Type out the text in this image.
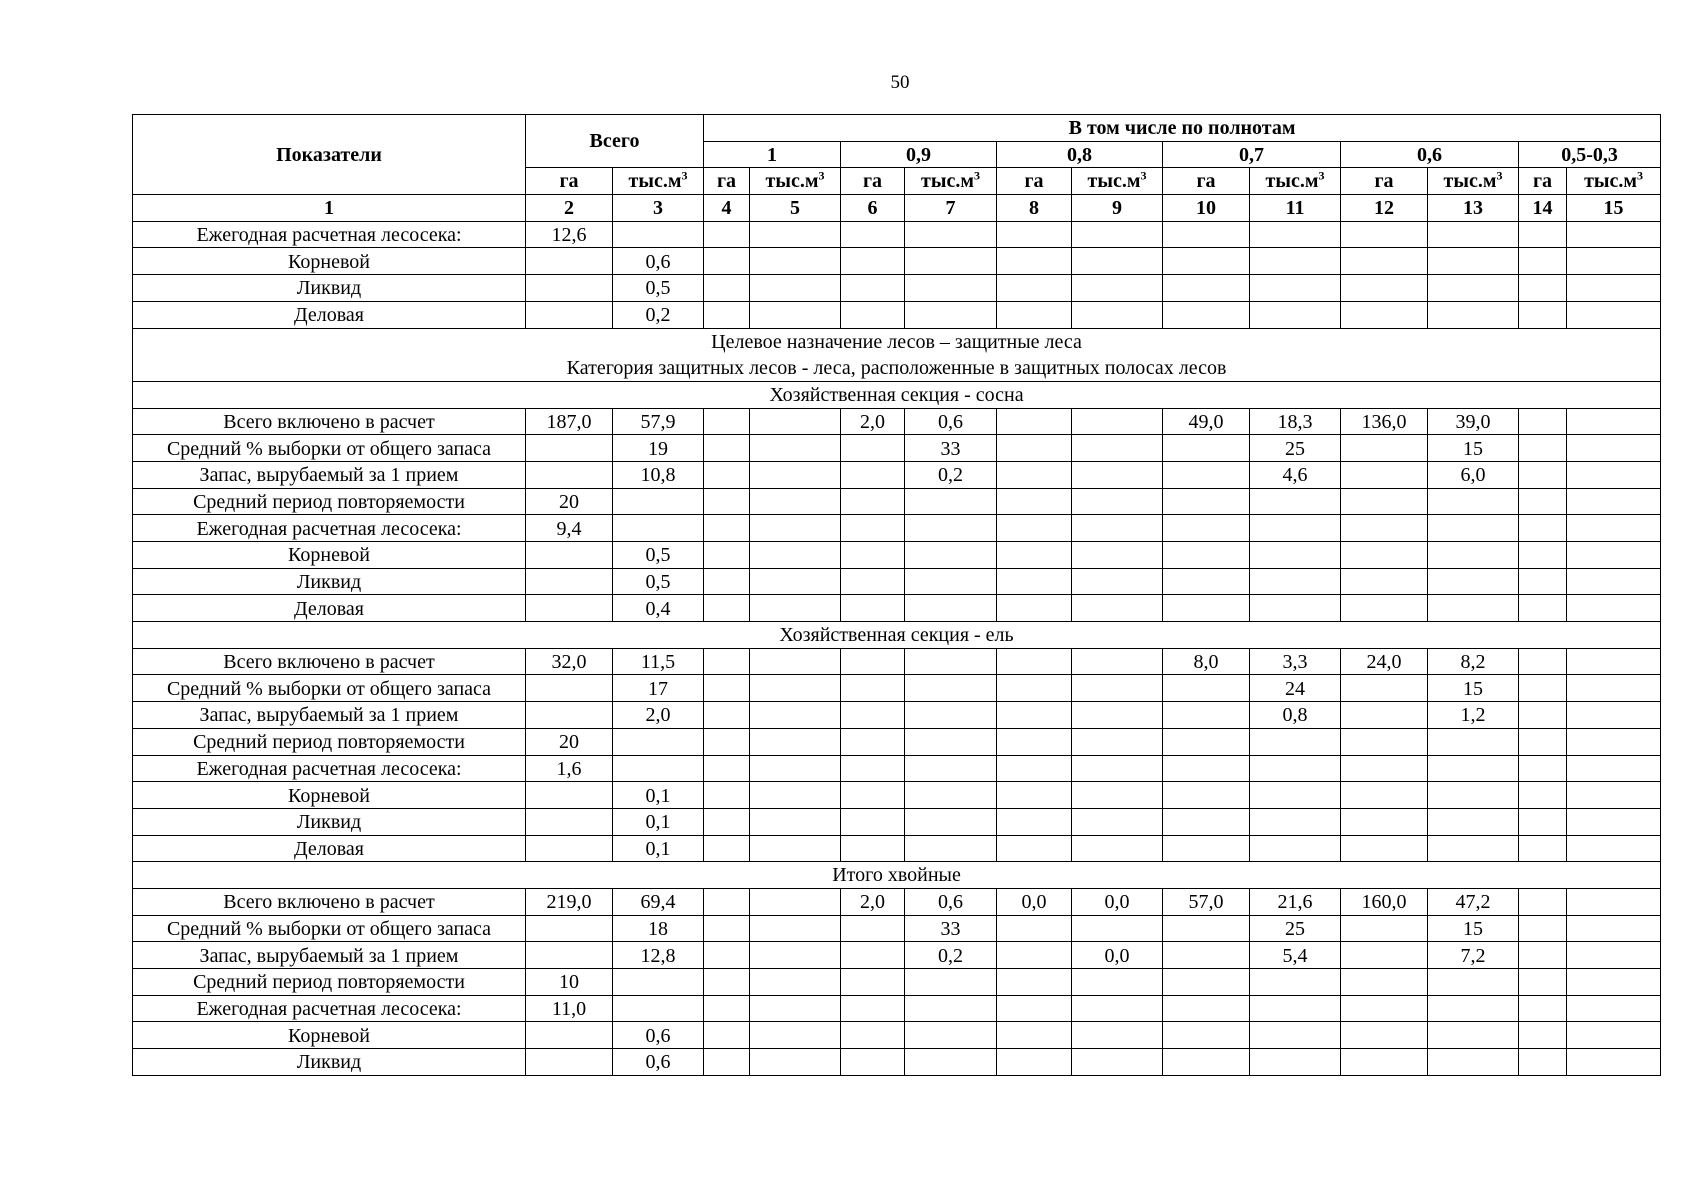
50
Показатели	Всего		В том числе по полнотам											
			1		0,9		0,8		0,7		0,6		0,5-0,3	
	га	$тыс.м^3$	га	$тыс.м^3$	га	$тыс.м^3$	га	$тыс.м^3$	га	$тыс.м^3$	га	$тыс.м^3$	га	$тыс.м^3$
1	2	3	4	5	6	7	8	9	10	11	12	13	14	15
Ежегодная расчетная лесосека:	12,6													
Корневой		0,6												
Ликвид		0,5												
Деловая		0,2												
Целевое назначение лесов – защитные леса														
Категория защитных лесов - леса, расположенные в защитных полосах лесов														
Хозяйственная секция - сосна														
Всего включено в расчет	187,0	57,9			2,0	0,6			49,0	18,3	136,0	39,0		
Средний % выборки от общего запаса		19				33				25		15		
Запас, вырубаемый за 1 прием		10,8				0,2				4,6		6,0		
Средний период повторяемости	20													
Ежегодная расчетная лесосека:	9,4													
Корневой		0,5												
Ликвид		0,5												
Деловая		0,4												
Хозяйственная секция - ель														
Всего включено в расчет	32,0	11,5							8,0	3,3	24,0	8,2		
Средний % выборки от общего запаса		17								24		15		
Запас, вырубаемый за 1 прием		2,0								0,8		1,2		
Средний период повторяемости	20													
Ежегодная расчетная лесосека:	1,6													
Корневой		0,1												
Ликвид		0,1												
Деловая		0,1												
Итого хвойные														
Всего включено в расчет	219,0	69,4			2,0	0,6	0,0	0,0	57,0	21,6	160,0	47,2		
Средний % выборки от общего запаса		18				33				25		15		
Запас, вырубаемый за 1 прием		12,8				0,2		0,0		5,4		7,2		
Средний период повторяемости	10													
Ежегодная расчетная лесосека:	11,0													
Корневой		0,6												
Ликвид		0,6												
